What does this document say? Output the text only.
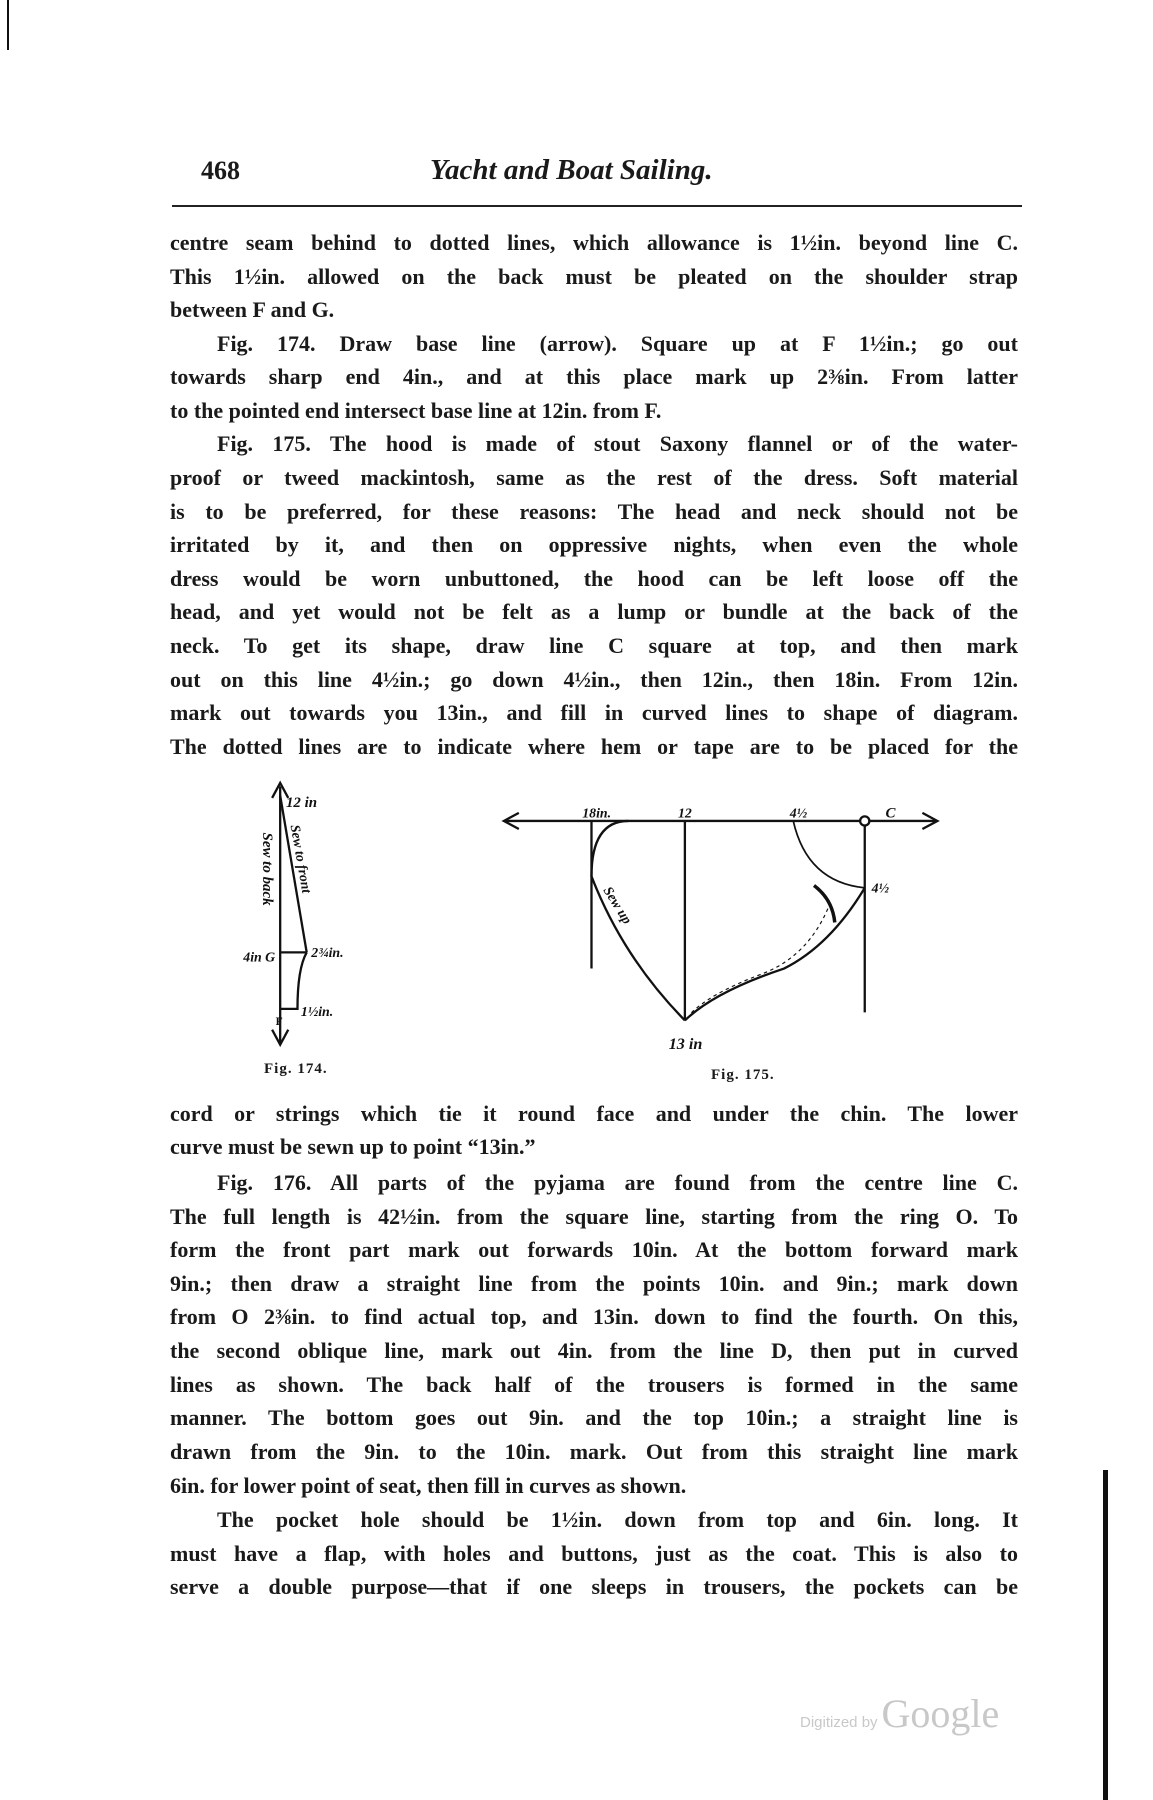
468	Yacht and Boat Sailing.
centre seam behind to dotted lines, which allowance is 1½in. beyond line C.
This 1½in. allowed on the back must be pleated on the shoulder strap
between F and G.
Fig. 174. Draw base line (arrow). Square up at F 1½in.; go out
towards sharp end 4in., and at this place mark up 2⅜in. From latter
to the pointed end intersect base line at 12in. from F.
Fig. 175. The hood is made of stout Saxony flannel or of the water-
proof or tweed mackintosh, same as the rest of the dress. Soft material
is to be preferred, for these reasons: The head and neck should not be
irritated by it, and then on oppressive nights, when even the whole
dress would be worn unbuttoned, the hood can be left loose off the
head, and yet would not be felt as a lump or bundle at the back of the
neck. To get its shape, draw line C square at top, and then mark
out on this line 4½in.; go down 4½in., then 12in., then 18in. From 12in.
mark out towards you 13in., and fill in curved lines to shape of diagram.
The dotted lines are to indicate where hem or tape are to be placed for the
12 in
Sew to back Sew to front
4in G	2¾in.
1½in.
F
18in.	12	4½	C
4½
13 in
Sew up
Fig. 174.	Fig. 175.
cord or strings which tie it round face and under the chin. The lower
curve must be sewn up to point “13in.”
Fig. 176. All parts of the pyjama are found from the centre line C.
The full length is 42½in. from the square line, starting from the ring O. To
form the front part mark out forwards 10in. At the bottom forward mark
9in.; then draw a straight line from the points 10in. and 9in.; mark down
from O 2⅜in. to find actual top, and 13in. down to find the fourth. On this,
the second oblique line, mark out 4in. from the line D, then put in curved
lines as shown. The back half of the trousers is formed in the same
manner. The bottom goes out 9in. and the top 10in.; a straight line is
drawn from the 9in. to the 10in. mark. Out from this straight line mark
6in. for lower point of seat, then fill in curves as shown.
The pocket hole should be 1½in. down from top and 6in. long. It
must have a flap, with holes and buttons, just as the coat. This is also to
serve a double purpose—that if one sleeps in trousers, the pockets can be
Digitized by Google
